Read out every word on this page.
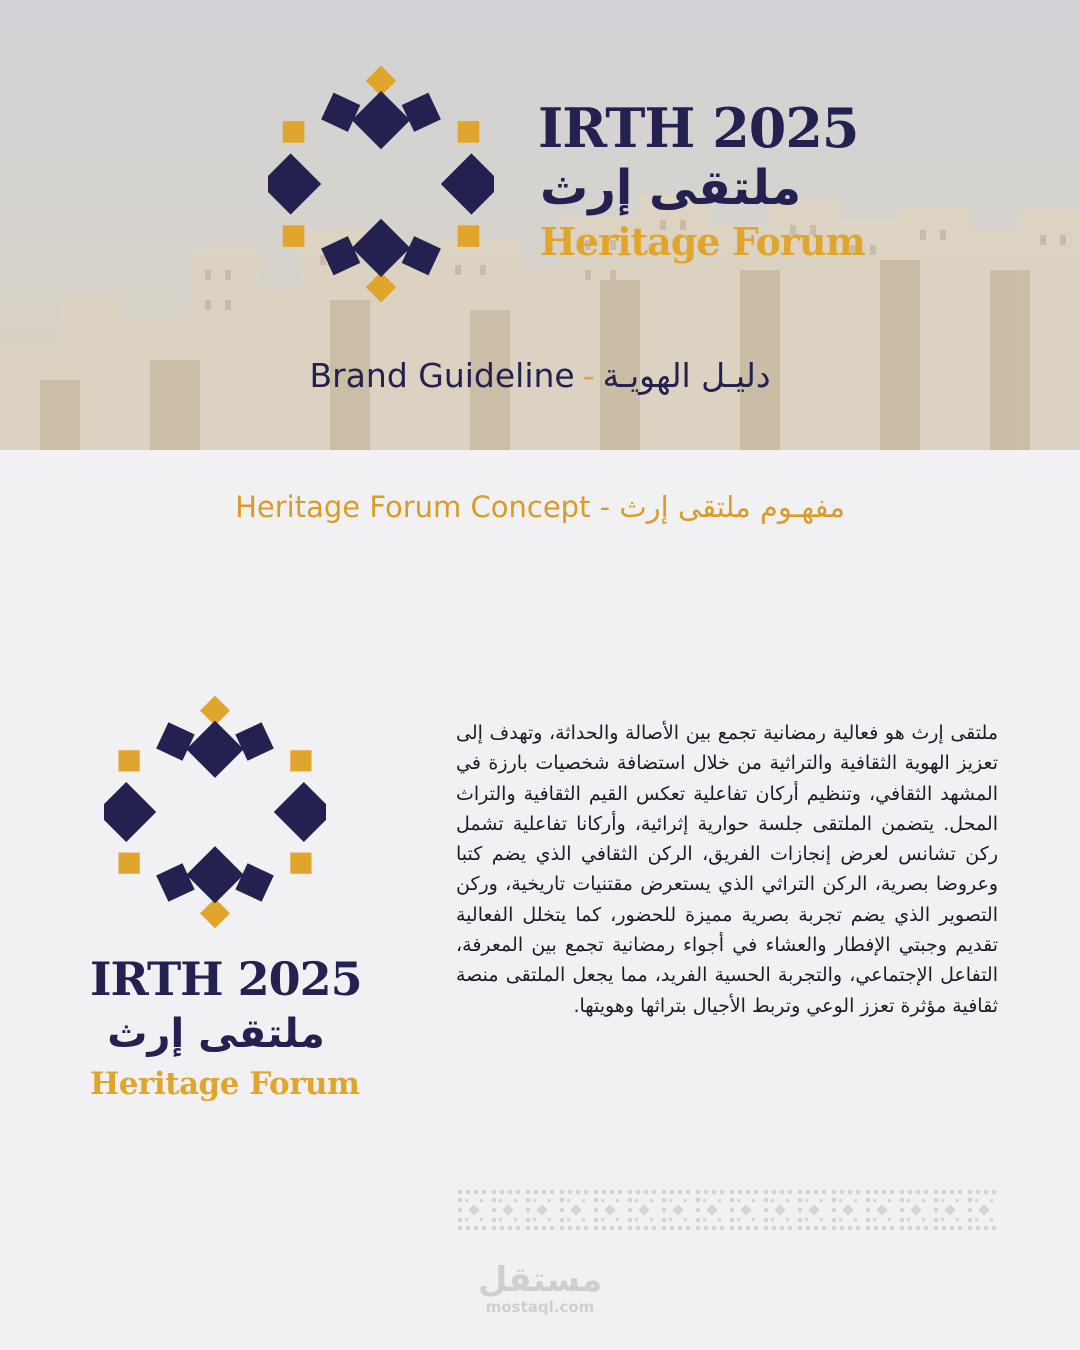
IRTH 2025
ملتقى إرث
Heritage Forum
Brand Guideline - دليـل الهويـة
Heritage Forum Concept - مفهـوم ملتقى إرث
IRTH 2025
ملتقى إرث
Heritage Forum

ملتقى إرث هو فعالية رمضانية تجمع بين الأصالة والحداثة، وتهدف إلى تعزيز الهوية الثقافية والتراثية من خلال استضافة شخصيات بارزة في المشهد الثقافي، وتنظيم أركان تفاعلية تعكس القيم الثقافية والتراث المحل. يتضمن الملتقى جلسة حوارية إثرائية، وأركانا تفاعلية تشمل ركن تشانس لعرض إنجازات الفريق، الركن الثقافي الذي يضم كتبا وعروضا بصرية، الركن التراثي الذي يستعرض مقتنيات تاريخية، وركن التصوير الذي يضم تجربة بصرية مميزة للحضور، كما يتخلل الفعالية تقديم وجبتي الإفطار والعشاء في أجواء رمضانية تجمع بين المعرفة، التفاعل الإجتماعي، والتجربة الحسية الفريد، مما يجعل الملتقى منصة ثقافية مؤثرة تعزز الوعي وتربط الأجيال بتراثها وهويتها.

مستقل
mostaql.com
